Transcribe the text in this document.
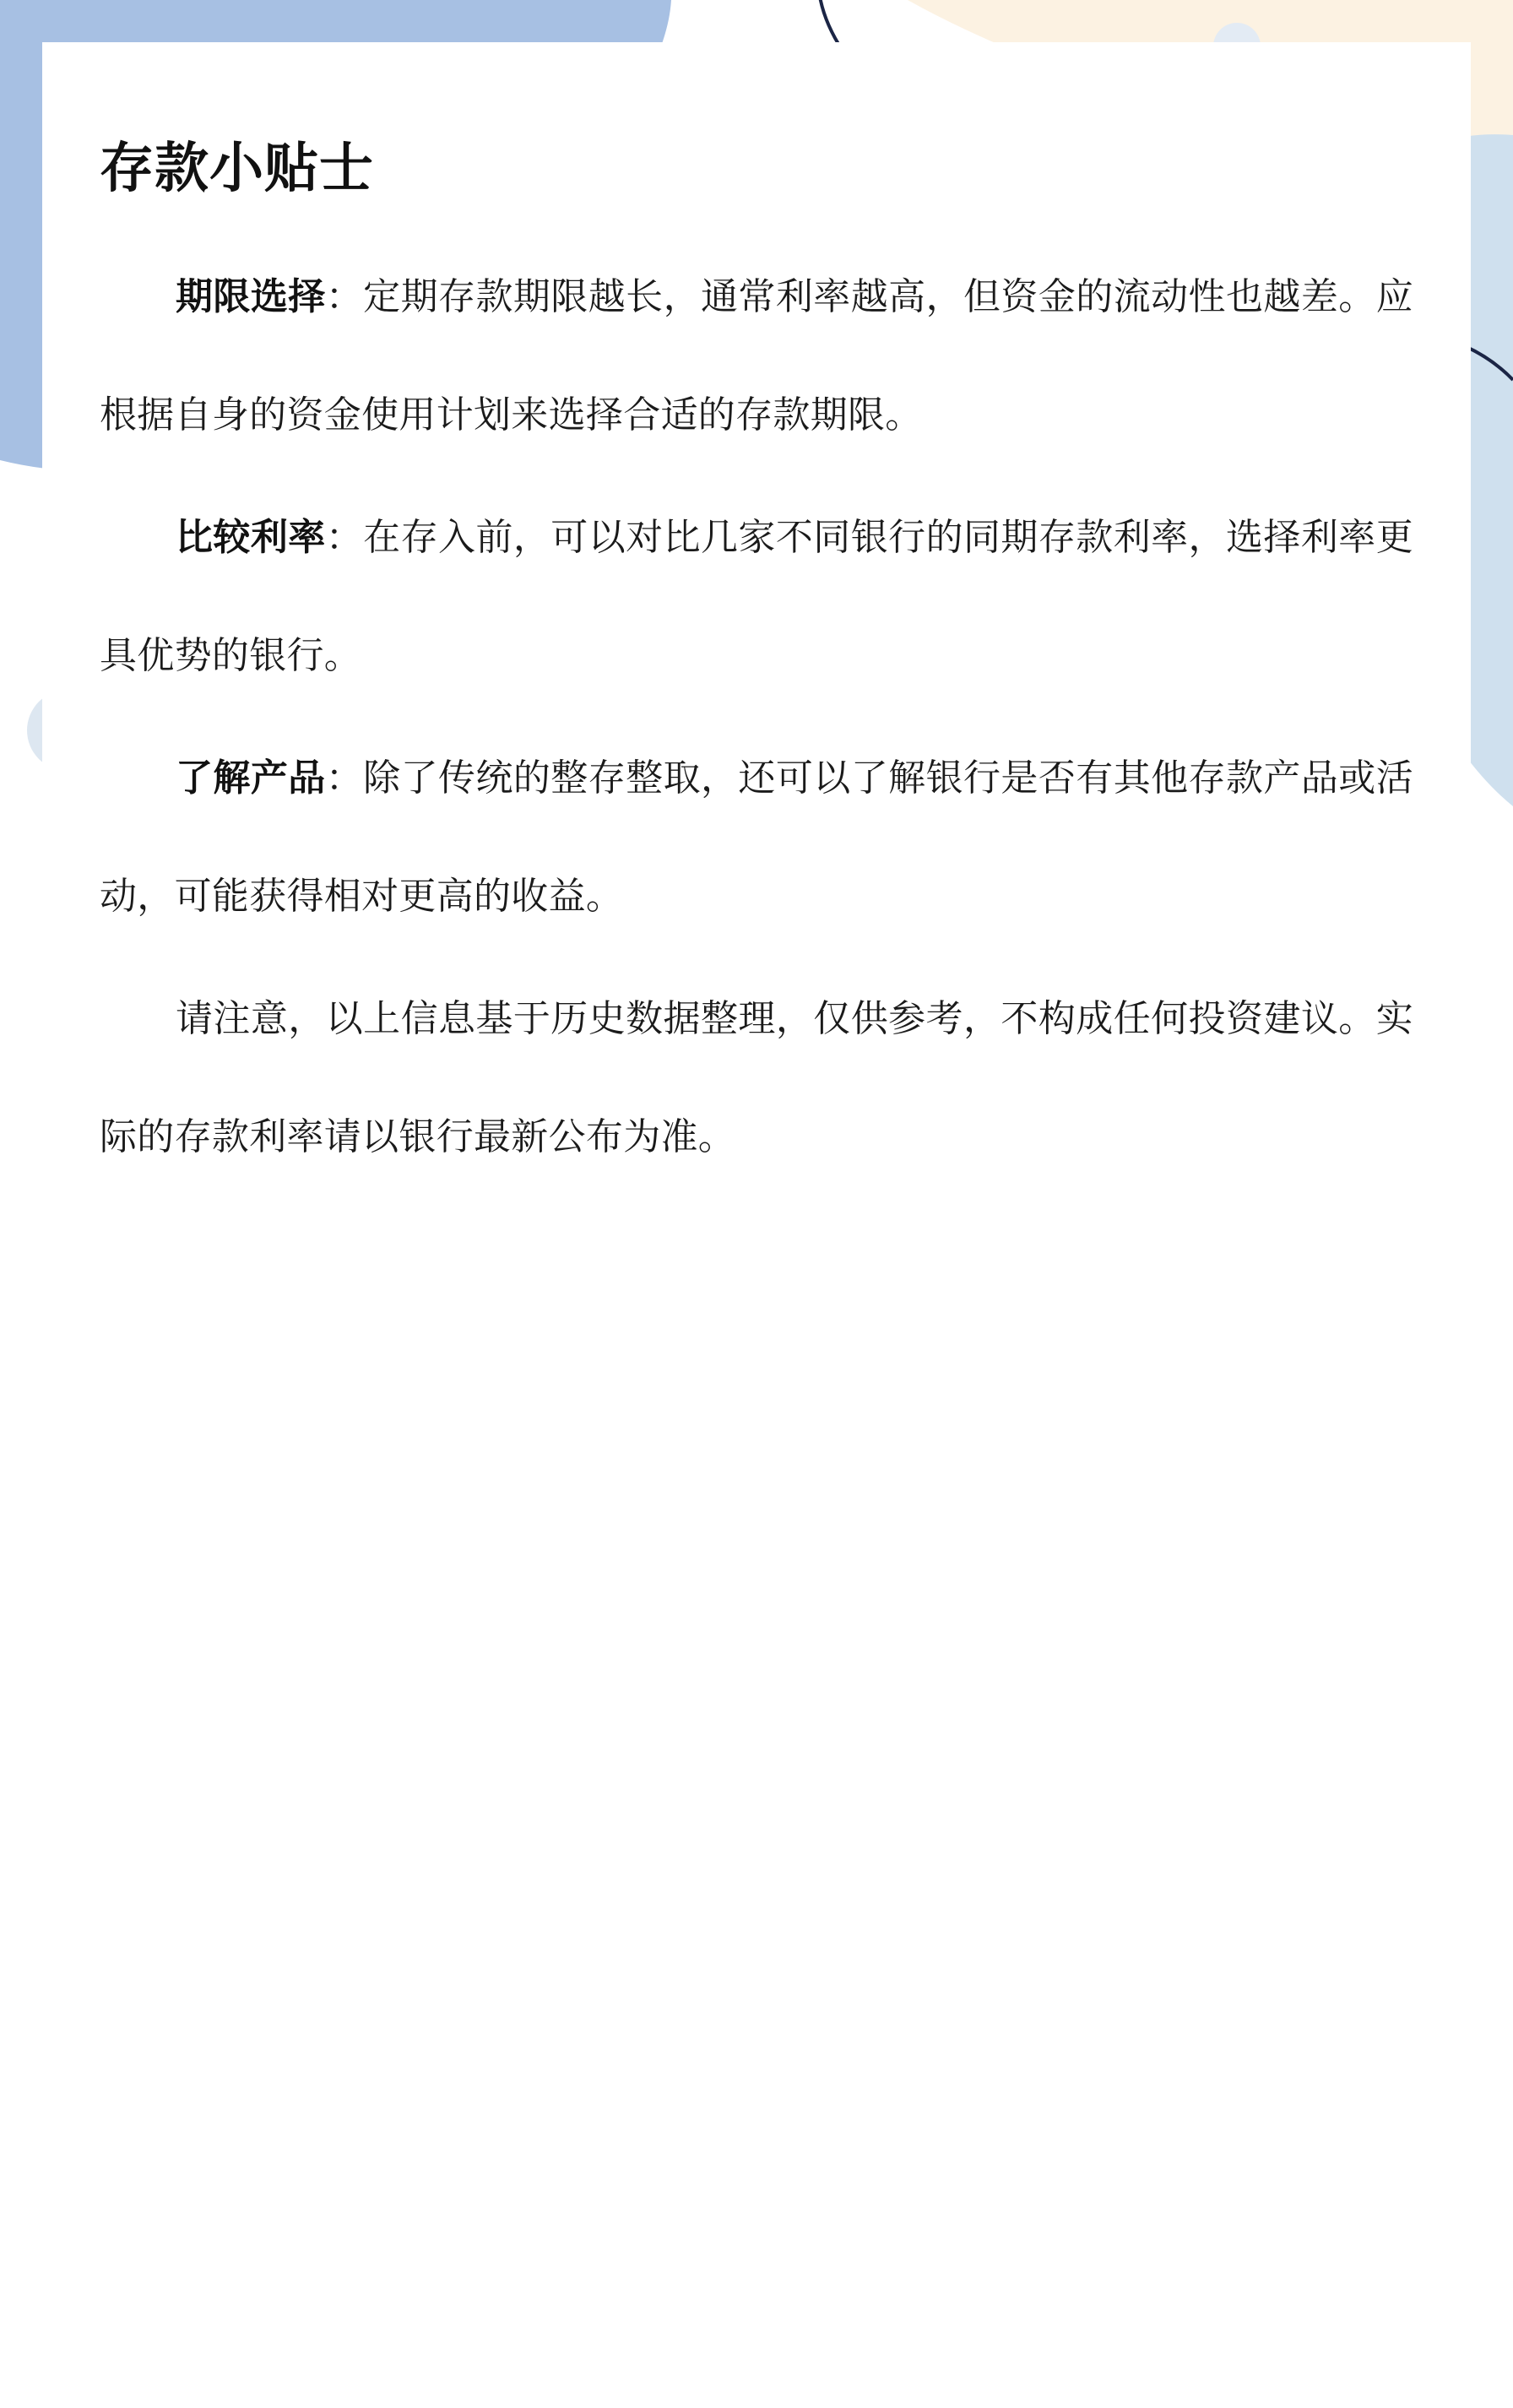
存款小贴士

期限选择：定期存款期限越长，通常利率越高，但资金的流动性也越差。应根据自身的资金使用计划来选择合适的存款期限。

比较利率：在存入前，可以对比几家不同银行的同期存款利率，选择利率更具优势的银行。

了解产品：除了传统的整存整取，还可以了解银行是否有其他存款产品或活动，可能获得相对更高的收益。

请注意，以上信息基于历史数据整理，仅供参考，不构成任何投资建议。实际的存款利率请以银行最新公布为准。
